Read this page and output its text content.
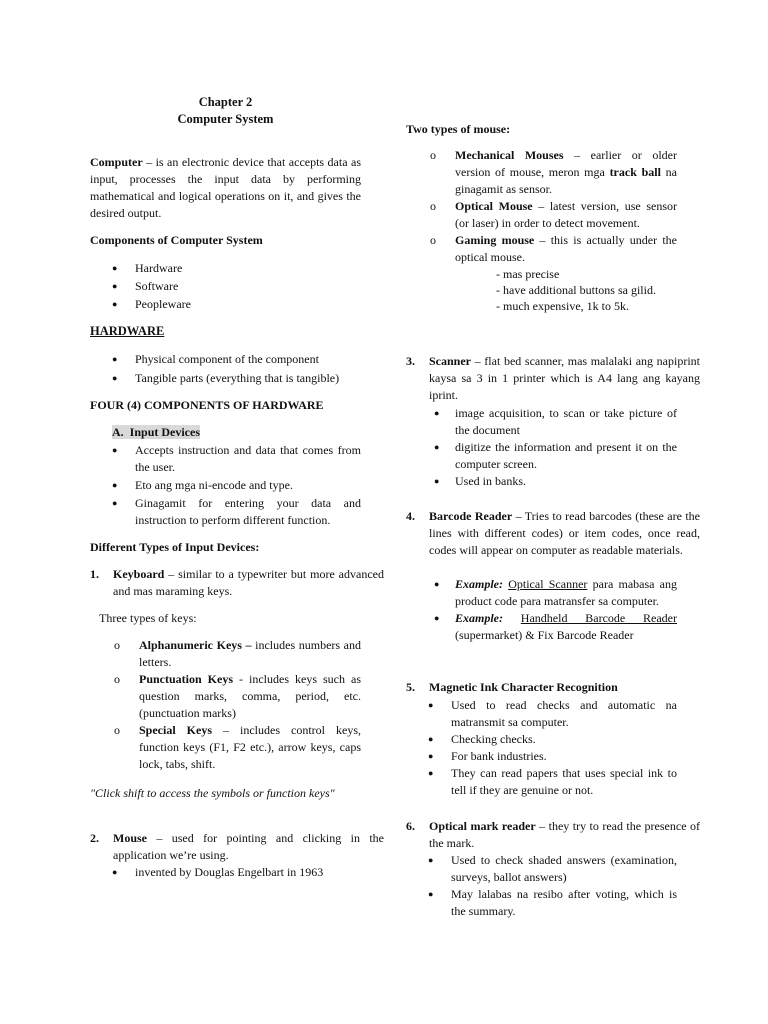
Chapter 2
Computer System

Computer – is an electronic device that accepts data as input, processes the input data by performing mathematical and logical operations on it, and gives the desired output.

Components of Computer System
● Hardware
● Software
● Peopleware
HARDWARE
● Physical component of the component
● Tangible parts (everything that is tangible)
FOUR (4) COMPONENTS OF HARDWARE
A. Input Devices
● Accepts instruction and data that comes from the user.
● Eto ang mga ni-encode and type.
● Ginagamit for entering your data and instruction to perform different function.
Different Types of Input Devices:
1. Keyboard – similar to a typewriter but more advanced and mas maraming keys.
Three types of keys:
o Alphanumeric Keys – includes numbers and letters.
o Punctuation Keys - includes keys such as question marks, comma, period, etc. (punctuation marks)
o Special Keys – includes control keys, function keys (F1, F2 etc.), arrow keys, caps lock, tabs, shift.

"Click shift to access the symbols or function keys"

2. Mouse – used for pointing and clicking in the application we’re using.
● invented by Douglas Engelbart in 1963
Two types of mouse:
o Mechanical Mouses – earlier or older version of mouse, meron mga track ball na ginagamit as sensor.
o Optical Mouse – latest version, use sensor (or laser) in order to detect movement.
o Gaming mouse – this is actually under the optical mouse.
- mas precise
- have additional buttons sa gilid.
- much expensive, 1k to 5k.
3. Scanner – flat bed scanner, mas malalaki ang napiprint kaysa sa 3 in 1 printer which is A4 lang ang kayang iprint.
● image acquisition, to scan or take picture of the document
● digitize the information and present it on the computer screen.
● Used in banks.
4. Barcode Reader – Tries to read barcodes (these are the lines with different codes) or item codes, once read, codes will appear on computer as readable materials.
● Example: Optical Scanner para mabasa ang product code para matransfer sa computer.
● Example: Handheld Barcode Reader (supermarket) & Fix Barcode Reader
5. Magnetic Ink Character Recognition
● Used to read checks and automatic na matransmit sa computer.
● Checking checks.
● For bank industries.
● They can read papers that uses special ink to tell if they are genuine or not.
6. Optical mark reader – they try to read the presence of the mark.
● Used to check shaded answers (examination, surveys, ballot answers)
● May lalabas na resibo after voting, which is the summary.
